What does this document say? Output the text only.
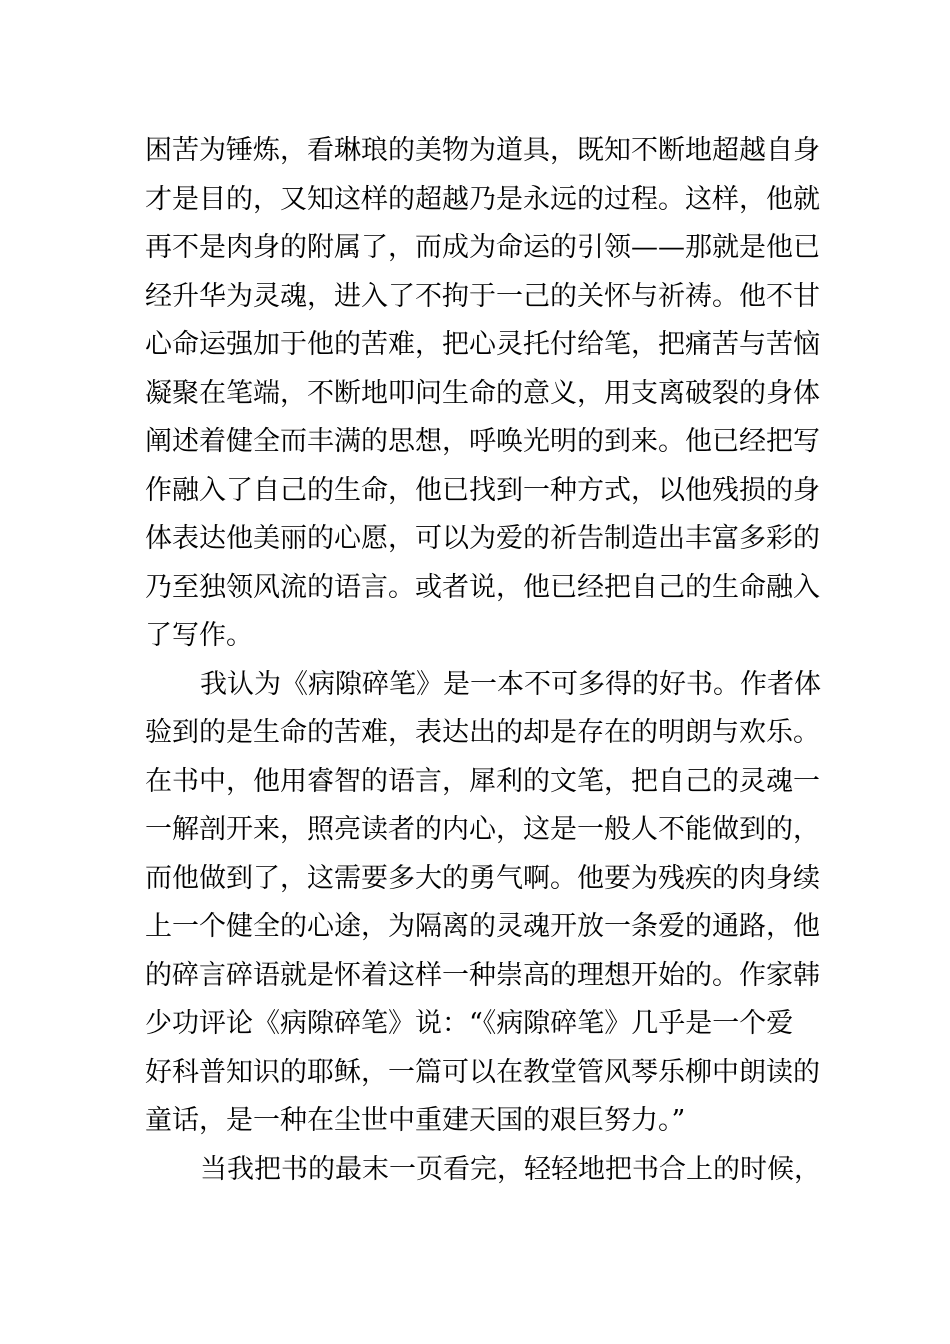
困苦为锤炼，看琳琅的美物为道具，既知不断地超越自身
才是目的，又知这样的超越乃是永远的过程。这样，他就
再不是肉身的附属了，而成为命运的引领——那就是他已
经升华为灵魂，进入了不拘于一己的关怀与祈祷。他不甘
心命运强加于他的苦难，把心灵托付给笔，把痛苦与苦恼
凝聚在笔端，不断地叩问生命的意义，用支离破裂的身体
阐述着健全而丰满的思想，呼唤光明的到来。他已经把写
作融入了自己的生命，他已找到一种方式，以他残损的身
体表达他美丽的心愿，可以为爱的祈告制造出丰富多彩的
乃至独领风流的语言。或者说，他已经把自己的生命融入
了写作。
我认为《病隙碎笔》是一本不可多得的好书。作者体
验到的是生命的苦难，表达出的却是存在的明朗与欢乐。
在书中，他用睿智的语言，犀利的文笔，把自己的灵魂一
一解剖开来，照亮读者的内心，这是一般人不能做到的，
而他做到了，这需要多大的勇气啊。他要为残疾的肉身续
上一个健全的心途，为隔离的灵魂开放一条爱的通路，他
的碎言碎语就是怀着这样一种崇高的理想开始的。作家韩
少功评论《病隙碎笔》说：“《病隙碎笔》几乎是一个爱
好科普知识的耶稣，一篇可以在教堂管风琴乐柳中朗读的
童话，是一种在尘世中重建天国的艰巨努力。”
当我把书的最末一页看完，轻轻地把书合上的时候，
